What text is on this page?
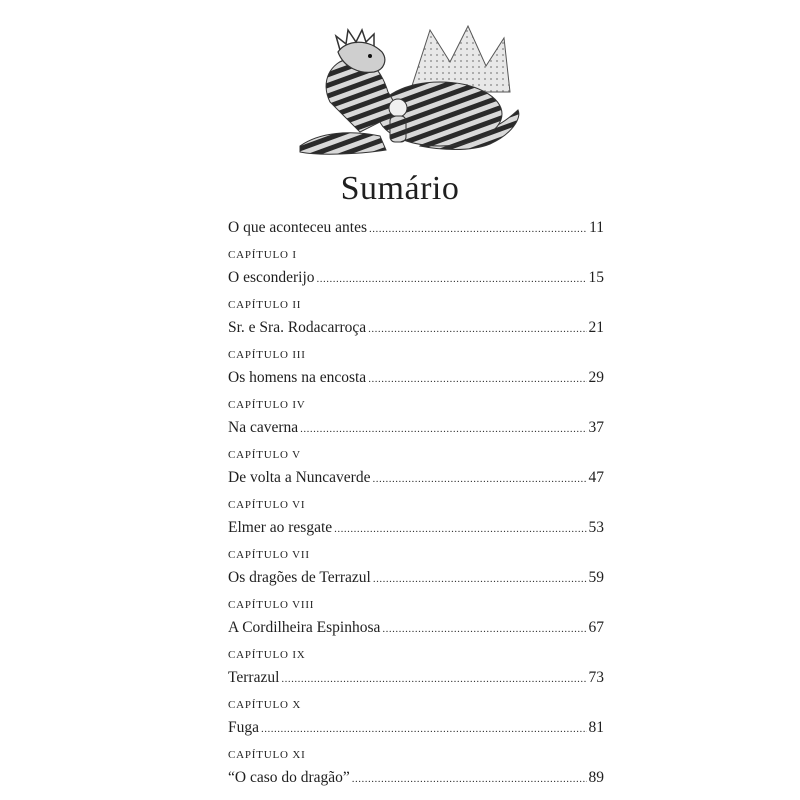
Sumário
O que aconteceu antes .....	11
CAPÍTULO I
O esconderijo .....	15
CAPÍTULO II
Sr. e Sra. Rodacarroça .....	21
CAPÍTULO III
Os homens na encosta .....	29
CAPÍTULO IV
Na caverna .....	37
CAPÍTULO V
De volta a Nuncaverde .....	47
CAPÍTULO VI
Elmer ao resgate .....	53
CAPÍTULO VII
Os dragões de Terrazul .....	59
CAPÍTULO VIII
A Cordilheira Espinhosa .....	67
CAPÍTULO IX
Terrazul .....	73
CAPÍTULO X
Fuga .....	81
CAPÍTULO XI
“O caso do dragão” .....	89
